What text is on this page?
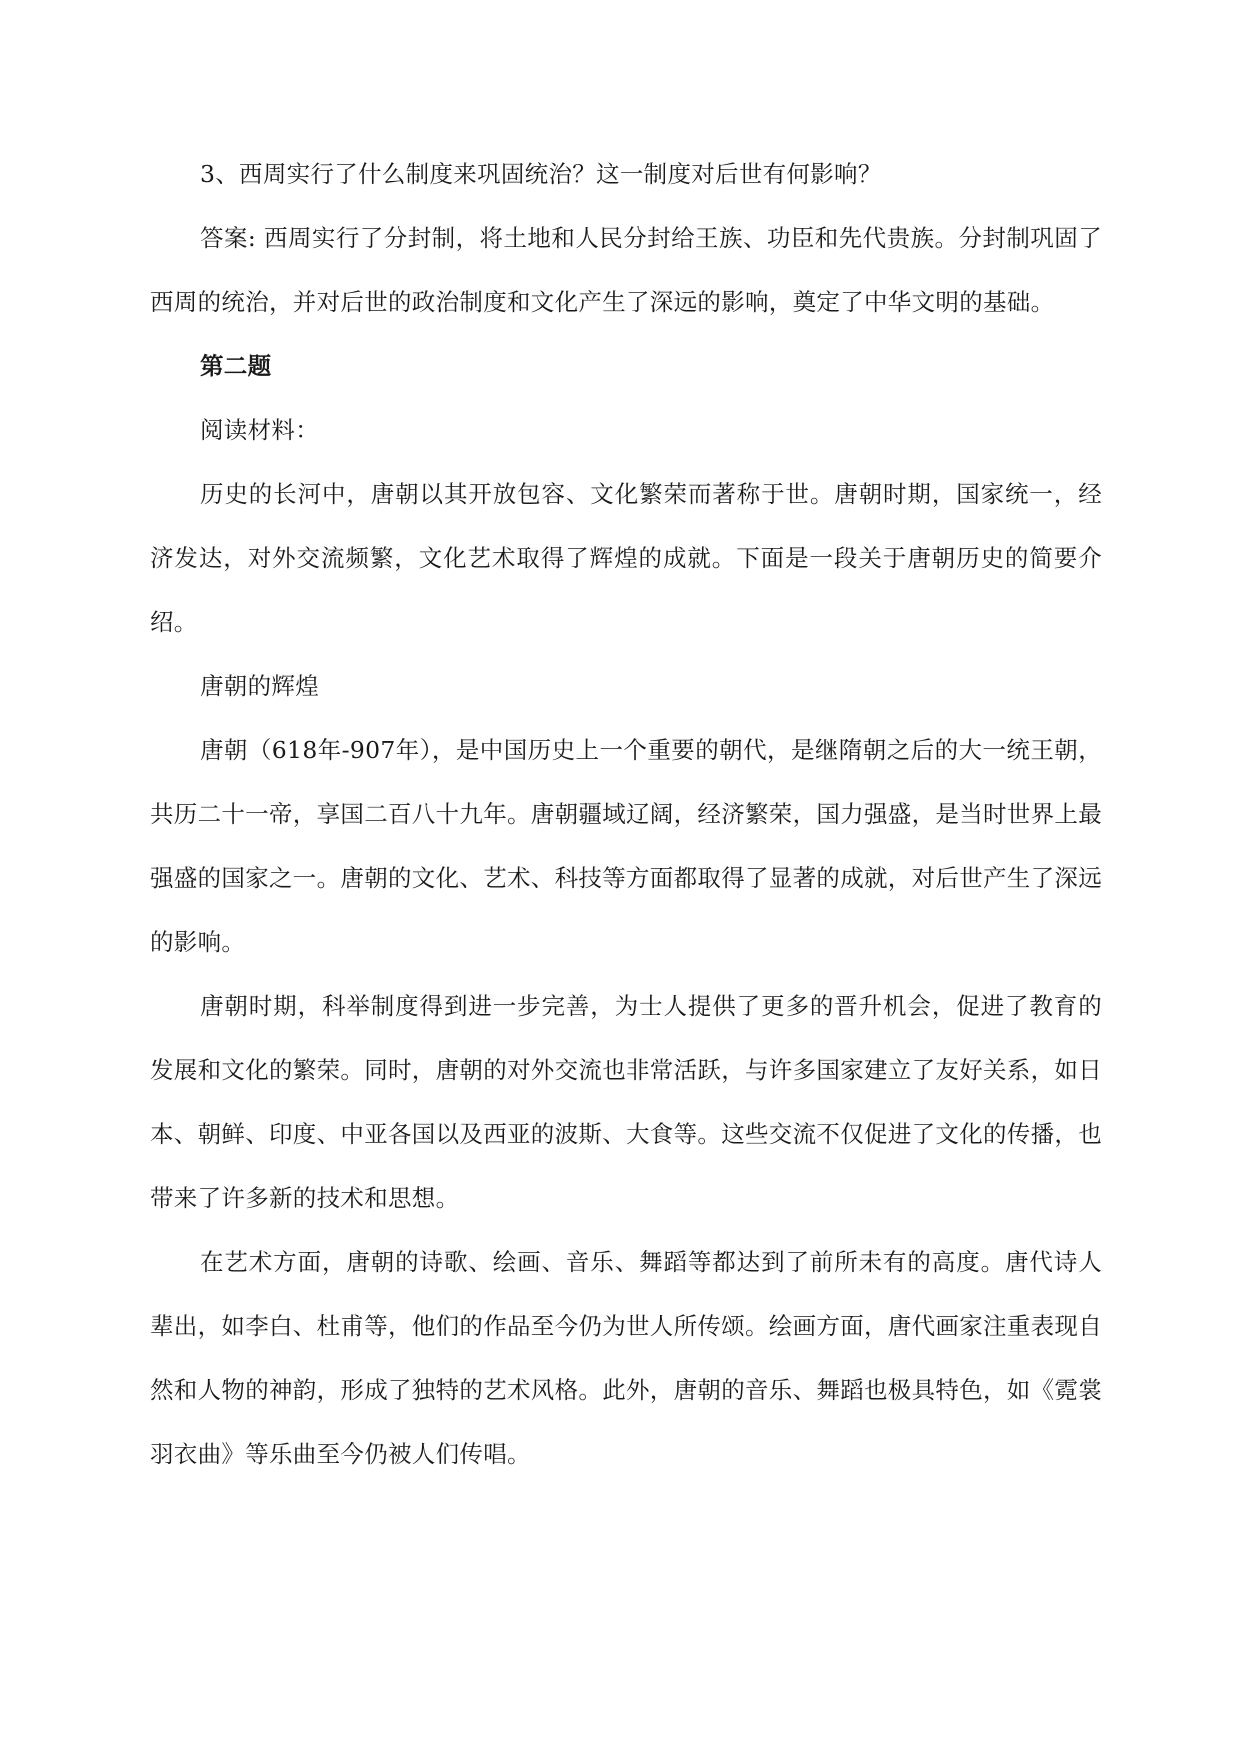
3、西周实行了什么制度来巩固统治？这一制度对后世有何影响？

答案: 西周实行了分封制，将土地和人民分封给王族、功臣和先代贵族。分封制巩固了西周的统治，并对后世的政治制度和文化产生了深远的影响，奠定了中华文明的基础。

第二题

阅读材料：

历史的长河中，唐朝以其开放包容、文化繁荣而著称于世。唐朝时期，国家统一，经济发达，对外交流频繁，文化艺术取得了辉煌的成就。下面是一段关于唐朝历史的简要介绍。

唐朝的辉煌

唐朝（618年-907年），是中国历史上一个重要的朝代，是继隋朝之后的大一统王朝，共历二十一帝，享国二百八十九年。唐朝疆域辽阔，经济繁荣，国力强盛，是当时世界上最强盛的国家之一。唐朝的文化、艺术、科技等方面都取得了显著的成就，对后世产生了深远的影响。

唐朝时期，科举制度得到进一步完善，为士人提供了更多的晋升机会，促进了教育的发展和文化的繁荣。同时，唐朝的对外交流也非常活跃，与许多国家建立了友好关系，如日本、朝鲜、印度、中亚各国以及西亚的波斯、大食等。这些交流不仅促进了文化的传播，也带来了许多新的技术和思想。

在艺术方面，唐朝的诗歌、绘画、音乐、舞蹈等都达到了前所未有的高度。唐代诗人辈出，如李白、杜甫等，他们的作品至今仍为世人所传颂。绘画方面，唐代画家注重表现自然和人物的神韵，形成了独特的艺术风格。此外，唐朝的音乐、舞蹈也极具特色，如《霓裳羽衣曲》等乐曲至今仍被人们传唱。
